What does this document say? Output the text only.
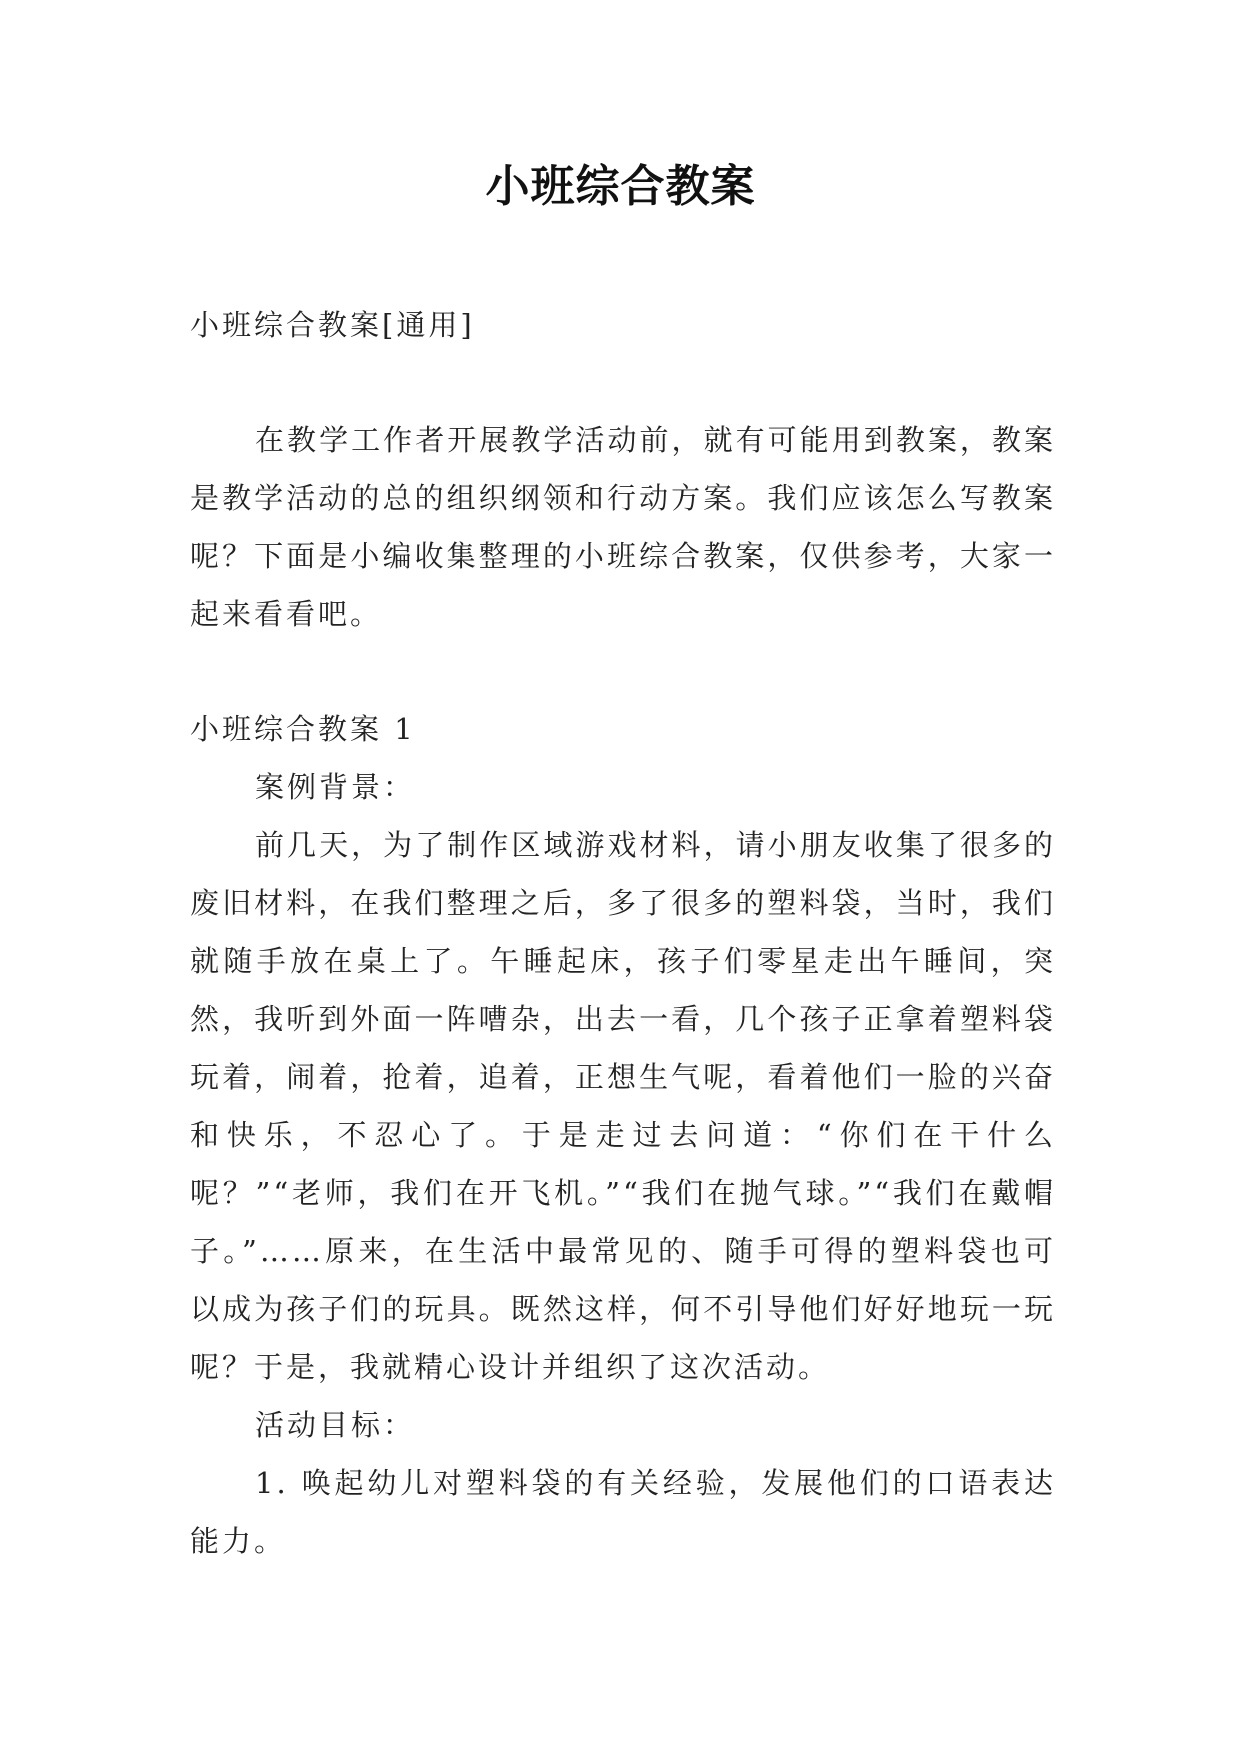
小班综合教案

小班综合教案[通用]

在教学工作者开展教学活动前，就有可能用到教案，教案是教学活动的总的组织纲领和行动方案。我们应该怎么写教案呢？下面是小编收集整理的小班综合教案，仅供参考，大家一起来看看吧。

小班综合教案 1

案例背景：

前几天，为了制作区域游戏材料，请小朋友收集了很多的废旧材料，在我们整理之后，多了很多的塑料袋，当时，我们就随手放在桌上了。午睡起床，孩子们零星走出午睡间，突然，我听到外面一阵嘈杂，出去一看，几个孩子正拿着塑料袋玩着，闹着，抢着，追着，正想生气呢，看着他们一脸的兴奋和快乐，不忍心了。于是走过去问道：“你们在干什么呢？”“老师，我们在开飞机。”“我们在抛气球。”“我们在戴帽子。”……原来，在生活中最常见的、随手可得的塑料袋也可以成为孩子们的玩具。既然这样，何不引导他们好好地玩一玩呢？于是，我就精心设计并组织了这次活动。

活动目标：

1. 唤起幼儿对塑料袋的有关经验，发展他们的口语表达能力。
